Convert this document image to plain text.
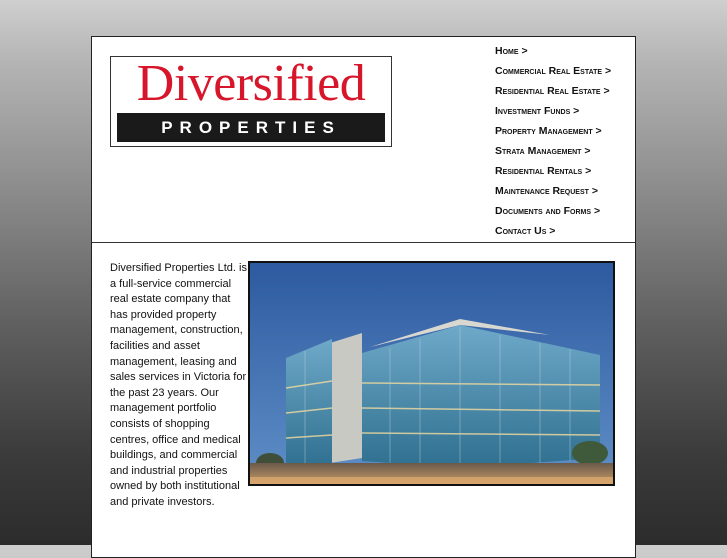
Diversified
PROPERTIES
Home >
Commercial Real Estate >
Residential Real Estate >
Investment Funds >
Property Management >
Strata Management >
Residential Rentals >
Maintenance Request >
Documents and Forms >
Contact Us >

Diversified Properties Ltd. is a full-service commercial real estate company that has provided property management, construction, facilities and asset management, leasing and sales services in Victoria for the past 23 years. Our management portfolio consists of shopping centres, office and medical buildings, and commercial and industrial properties owned by both institutional and private investors.
